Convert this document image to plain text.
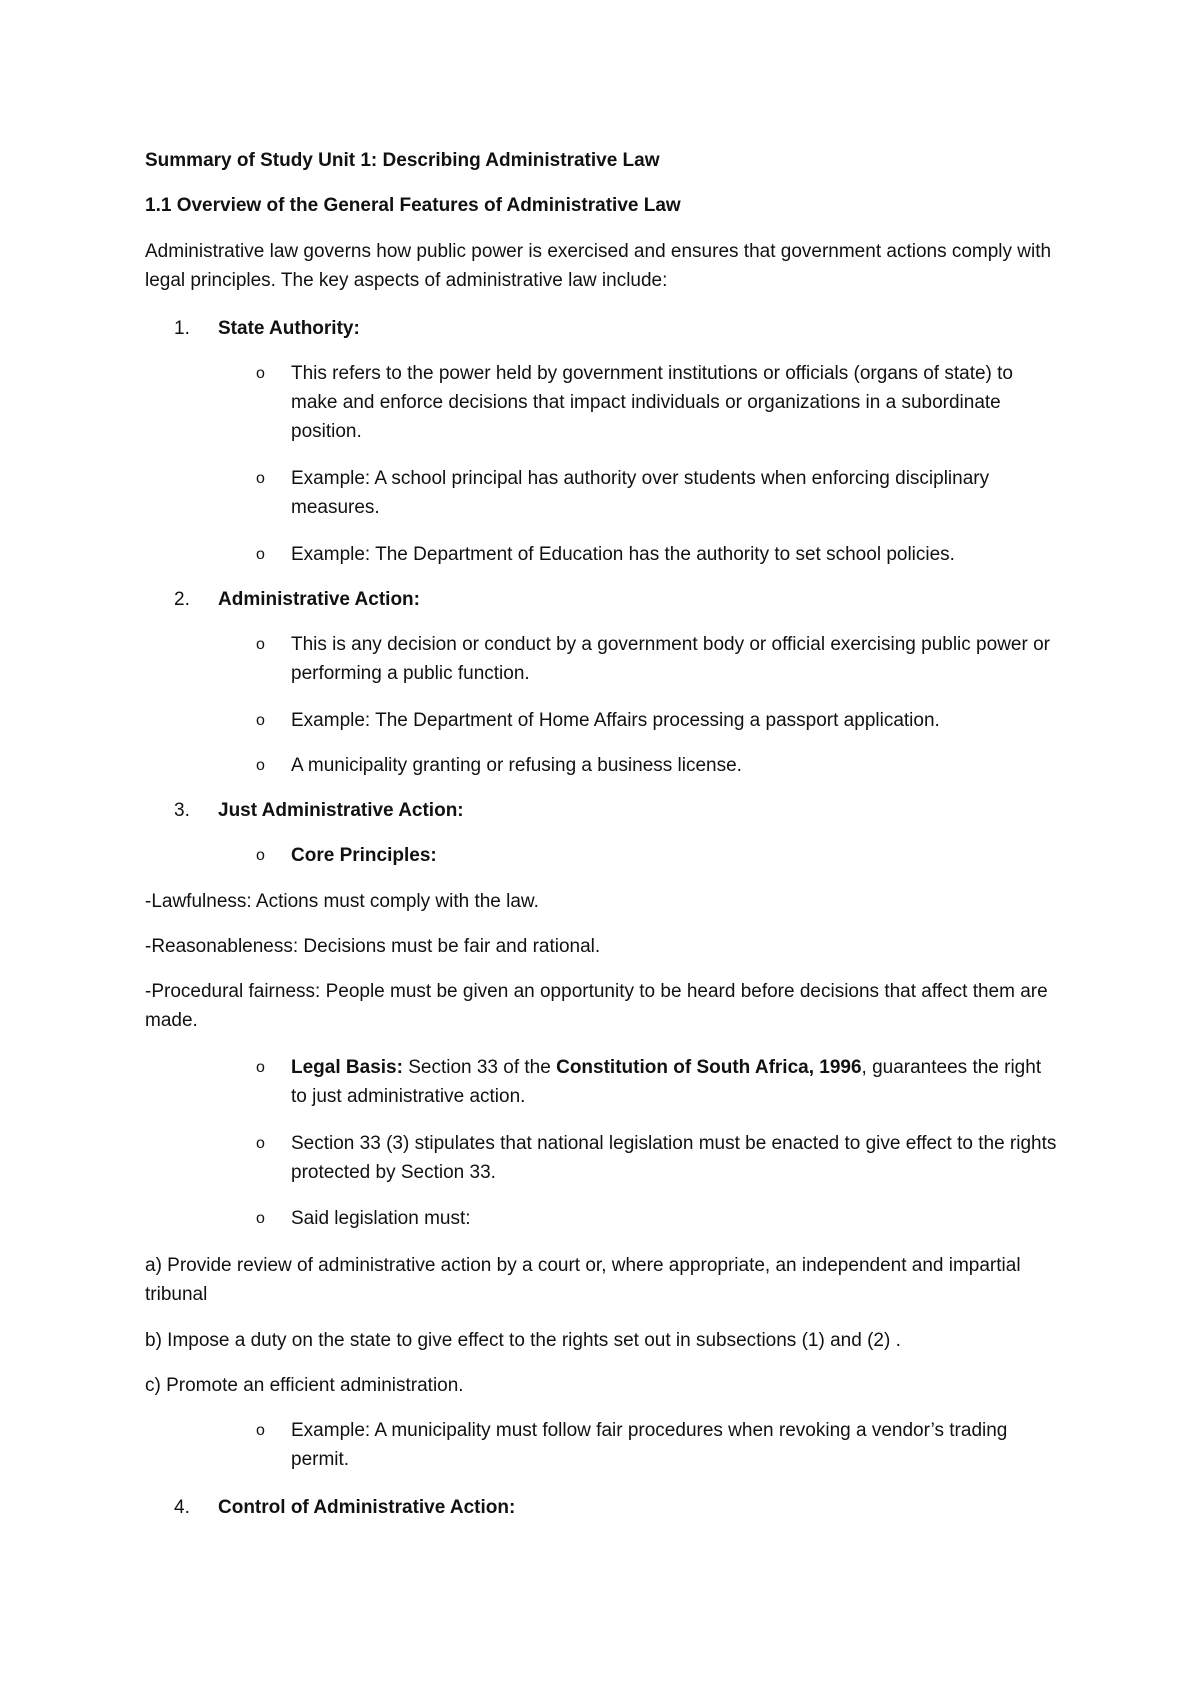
Summary of Study Unit 1: Describing Administrative Law

1.1 Overview of the General Features of Administrative Law

Administrative law governs how public power is exercised and ensures that government actions comply with legal principles. The key aspects of administrative law include:

1.	State Authority:
o	This refers to the power held by government institutions or officials (organs of state) to make and enforce decisions that impact individuals or organizations in a subordinate position.

o	Example: A school principal has authority over students when enforcing disciplinary measures.

o	Example: The Department of Education has the authority to set school policies.

2.	Administrative Action:
o	This is any decision or conduct by a government body or official exercising public power or performing a public function.

o	Example: The Department of Home Affairs processing a passport application.

o	A municipality granting or refusing a business license.

3.	Just Administrative Action:
o	Core Principles:

-Lawfulness: Actions must comply with the law.

-Reasonableness: Decisions must be fair and rational.

-Procedural fairness: People must be given an opportunity to be heard before decisions that affect them are made.

o	Legal Basis: Section 33 of the Constitution of South Africa, 1996, guarantees the right to just administrative action.

o	Section 33 (3) stipulates that national legislation must be enacted to give effect to the rights protected by Section 33.

o	Said legislation must:

a) Provide review of administrative action by a court or, where appropriate, an independent and impartial tribunal

b) Impose a duty on the state to give effect to the rights set out in subsections (1) and (2) .

c) Promote an efficient administration.

o	Example: A municipality must follow fair procedures when revoking a vendor’s trading permit.

4.	Control of Administrative Action:
